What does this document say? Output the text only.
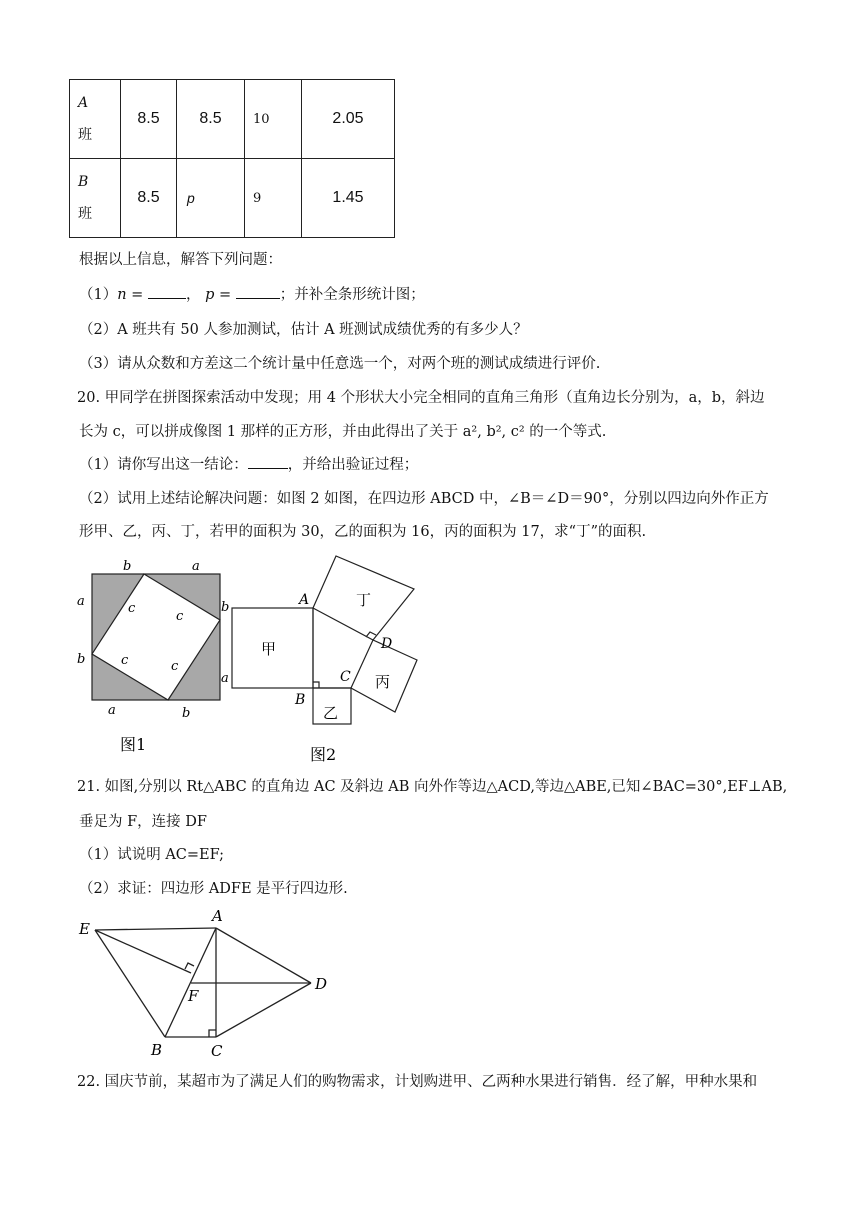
A
班	8.5	8.5	10	2.05
B
班	8.5	p	9	1.45
根据以上信息，解答下列问题：
（1）n =	， p =	；并补全条形统计图；
（2）A 班共有 50 人参加测试，估计 A 班测试成绩优秀的有多少人？
（3）请从众数和方差这二个统计量中任意选一个，对两个班的测试成绩进行评价.
20. 甲同学在拼图探索活动中发现；用 4 个形状大小完全相同的直角三角形（直角边长分别为，a，b，斜边
长为 c，可以拼成像图 1 那样的正方形，并由此得出了关于 a², b², c² 的一个等式.
（1）请你写出这一结论：	，并给出验证过程；
（2）试用上述结论解决问题：如图 2 如图，在四边形 ABCD 中，∠B＝∠D＝90°，分别以四边向外作正方
形甲、乙，丙、丁，若甲的面积为 30，乙的面积为 16，丙的面积为 17，求“丁”的面积.
b	a
a
b
a	b
c
c
c	c
图1
b
a
A
B
C
D
甲
乙
丙
丁
图2
21. 如图,分别以 Rt△ABC 的直角边 AC 及斜边 AB 向外作等边△ACD,等边△ABE,已知∠BAC=30°,EF⊥AB,
垂足为 F，连接 DF
（1）试说明 AC=EF;
（2）求证：四边形 ADFE 是平行四边形.
E
A
D
F
B	C
22. 国庆节前，某超市为了满足人们的购物需求，计划购进甲、乙两种水果进行销售．经了解，甲种水果和
